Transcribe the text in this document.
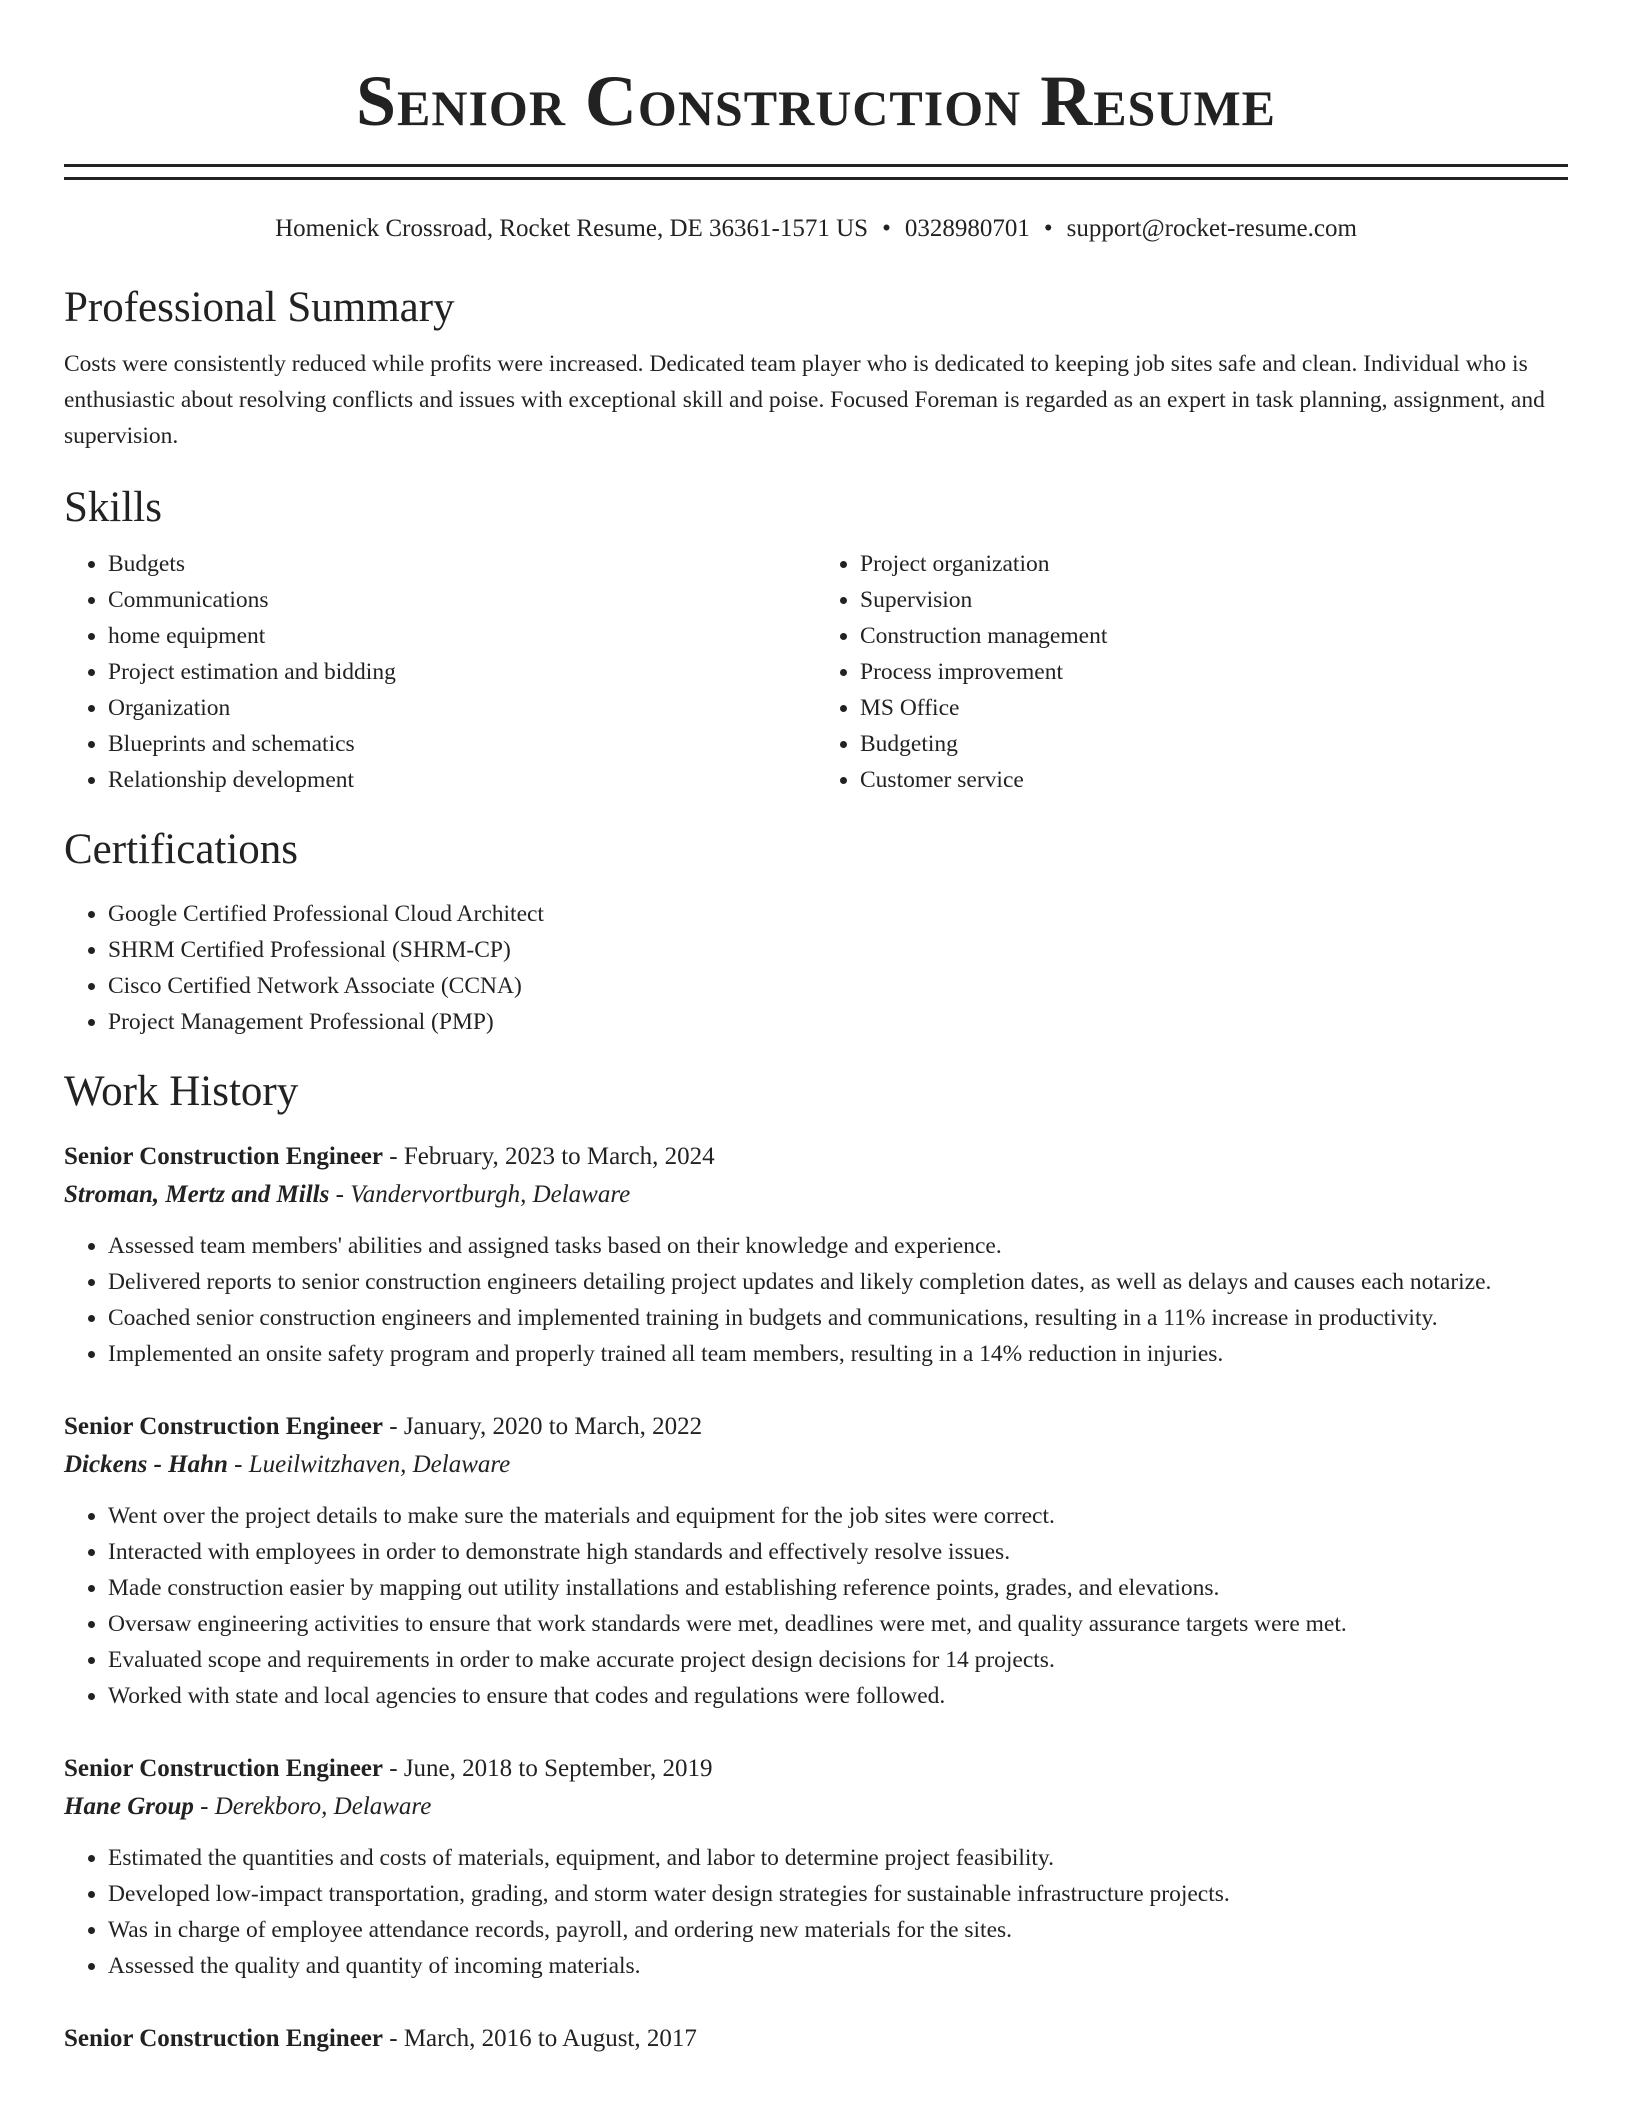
Senior Construction Resume
Homenick Crossroad, Rocket Resume, DE 36361-1571 US • 0328980701 • support@rocket-resume.com
Professional Summary

Costs were consistently reduced while profits were increased. Dedicated team player who is dedicated to keeping job sites safe and clean. Individual who is enthusiastic about resolving conflicts and issues with exceptional skill and poise. Focused Foreman is regarded as an expert in task planning, assignment, and supervision.

Skills
• Budgets
• Communications
• home equipment
• Project estimation and bidding
• Organization
• Blueprints and schematics
• Relationship development
• Project organization
• Supervision
• Construction management
• Process improvement
• MS Office
• Budgeting
• Customer service
Certifications
• Google Certified Professional Cloud Architect
• SHRM Certified Professional (SHRM-CP)
• Cisco Certified Network Associate (CCNA)
• Project Management Professional (PMP)
Work History
Senior Construction Engineer - February, 2023 to March, 2024
Stroman, Mertz and Mills - Vandervortburgh, Delaware
• Assessed team members' abilities and assigned tasks based on their knowledge and experience.
• Delivered reports to senior construction engineers detailing project updates and likely completion dates, as well as delays and causes each notarize.
• Coached senior construction engineers and implemented training in budgets and communications, resulting in a 11% increase in productivity.
• Implemented an onsite safety program and properly trained all team members, resulting in a 14% reduction in injuries.
Senior Construction Engineer - January, 2020 to March, 2022
Dickens - Hahn - Lueilwitzhaven, Delaware
• Went over the project details to make sure the materials and equipment for the job sites were correct.
• Interacted with employees in order to demonstrate high standards and effectively resolve issues.
• Made construction easier by mapping out utility installations and establishing reference points, grades, and elevations.
• Oversaw engineering activities to ensure that work standards were met, deadlines were met, and quality assurance targets were met.
• Evaluated scope and requirements in order to make accurate project design decisions for 14 projects.
• Worked with state and local agencies to ensure that codes and regulations were followed.
Senior Construction Engineer - June, 2018 to September, 2019
Hane Group - Derekboro, Delaware
• Estimated the quantities and costs of materials, equipment, and labor to determine project feasibility.
• Developed low-impact transportation, grading, and storm water design strategies for sustainable infrastructure projects.
• Was in charge of employee attendance records, payroll, and ordering new materials for the sites.
• Assessed the quality and quantity of incoming materials.
Senior Construction Engineer - March, 2016 to August, 2017
